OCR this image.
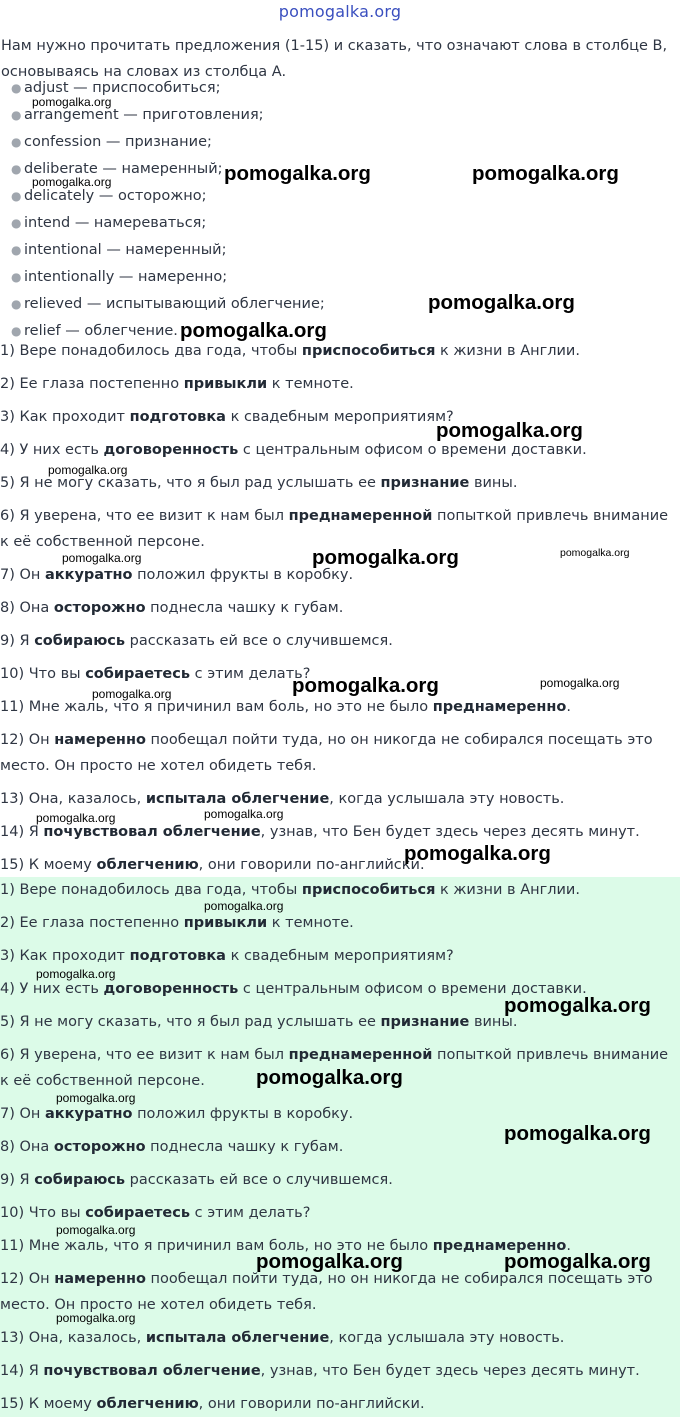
pomogalka.org
Нам нужно прочитать предложения (1-15) и сказать, что означают слова в столбце B, основываясь на словах из столбца A.
● adjust — приспособиться;
● arrangement — приготовления;
● confession — признание;
● deliberate — намеренный;
● delicately — осторожно;
● intend — намереваться;
● intentional — намеренный;
● intentionally — намеренно;
● relieved — испытывающий облегчение;
● relief — облегчение.
1) Вере понадобилось два года, чтобы приспособиться к жизни в Англии.
2) Ее глаза постепенно привыкли к темноте.
3) Как проходит подготовка к свадебным мероприятиям?
4) У них есть договоренность с центральным офисом о времени доставки.
5) Я не могу сказать, что я был рад услышать ее признание вины.
6) Я уверена, что ее визит к нам был преднамеренной попыткой привлечь внимание к её собственной персоне.
7) Он аккуратно положил фрукты в коробку.
8) Она осторожно поднесла чашку к губам.
9) Я собираюсь рассказать ей все о случившемся.
10) Что вы собираетесь с этим делать?
11) Мне жаль, что я причинил вам боль, но это не было преднамеренно.
12) Он намеренно пообещал пойти туда, но он никогда не собирался посещать это место. Он просто не хотел обидеть тебя.
13) Она, казалось, испытала облегчение, когда услышала эту новость.
14) Я почувствовал облегчение, узнав, что Бен будет здесь через десять минут.
15) К моему облегчению, они говорили по-английски.
1) Вере понадобилось два года, чтобы приспособиться к жизни в Англии.
2) Ее глаза постепенно привыкли к темноте.
3) Как проходит подготовка к свадебным мероприятиям?
4) У них есть договоренность с центральным офисом о времени доставки.
5) Я не могу сказать, что я был рад услышать ее признание вины.
6) Я уверена, что ее визит к нам был преднамеренной попыткой привлечь внимание к её собственной персоне.
7) Он аккуратно положил фрукты в коробку.
8) Она осторожно поднесла чашку к губам.
9) Я собираюсь рассказать ей все о случившемся.
10) Что вы собираетесь с этим делать?
11) Мне жаль, что я причинил вам боль, но это не было преднамеренно.
12) Он намеренно пообещал пойти туда, но он никогда не собирался посещать это место. Он просто не хотел обидеть тебя.
13) Она, казалось, испытала облегчение, когда услышала эту новость.
14) Я почувствовал облегчение, узнав, что Бен будет здесь через десять минут.
15) К моему облегчению, они говорили по-английски.
pomogalka.org
pomogalka.org	pomogalka.org	pomogalka.org
pomogalka.org
pomogalka.org
pomogalka.org
pomogalka.org
pomogalka.org	pomogalka.org	pomogalka.org
pomogalka.org	pomogalka.org
pomogalka.org
pomogalka.org
pomogalka.org
pomogalka.org
pomogalka.org
pomogalka.org
pomogalka.org
pomogalka.org
pomogalka.org
pomogalka.org
pomogalka.org
pomogalka.org	pomogalka.org
pomogalka.org
